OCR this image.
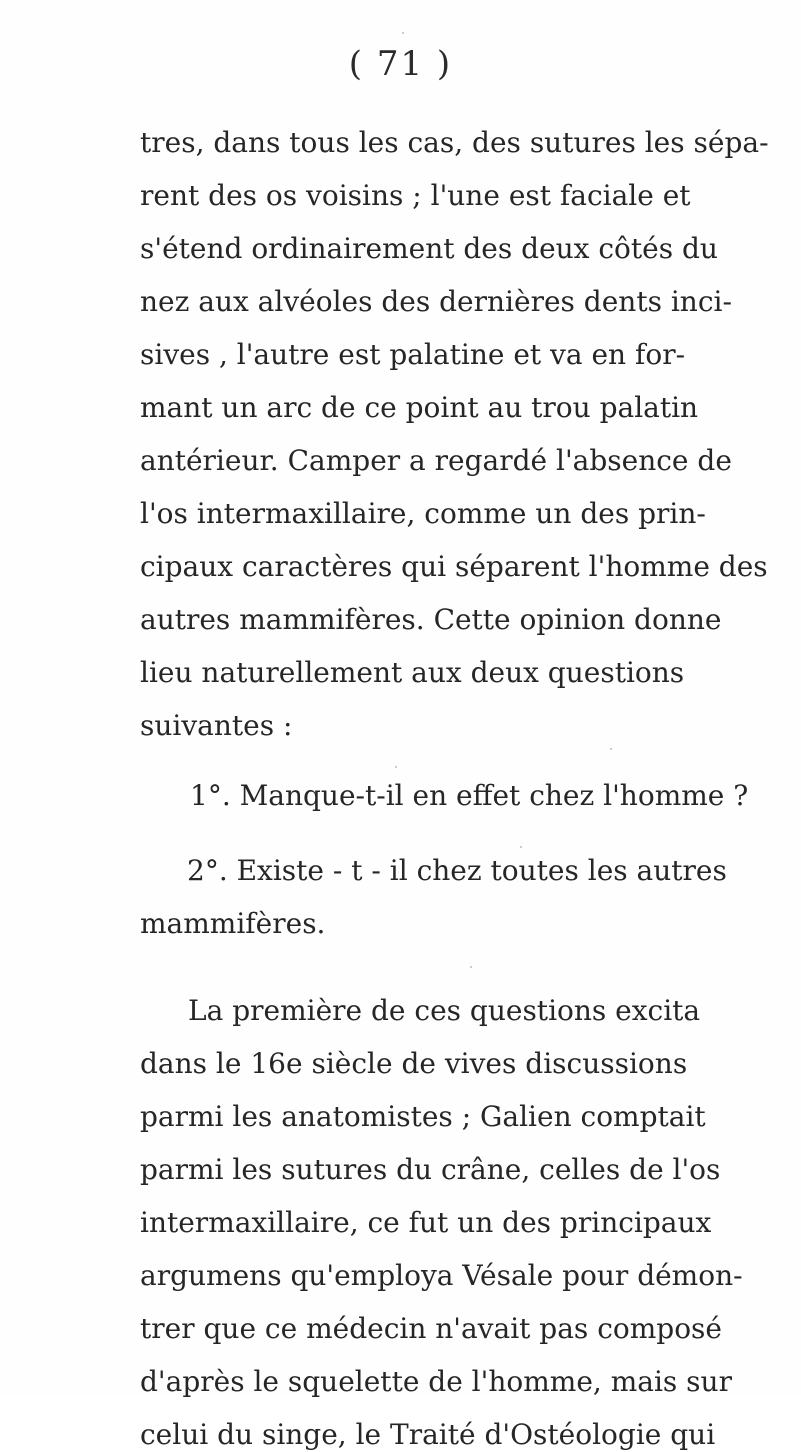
( 71 )
tres, dans tous les cas, des sutures les sépa-
rent des os voisins ; l'une est faciale et
s'étend ordinairement des deux côtés du
nez aux alvéoles des dernières dents inci-
sives , l'autre est palatine et va en for-
mant un arc de ce point au trou palatin
antérieur. Camper a regardé l'absence de
l'os intermaxillaire, comme un des prin-
cipaux caractères qui séparent l'homme des
autres mammifères. Cette opinion donne
lieu naturellement aux deux questions
suivantes :
1°. Manque-t-il en effet chez l'homme ?
2°. Existe - t - il chez toutes les autres
mammifères.
La première de ces questions excita
dans le 16e siècle de vives discussions
parmi les anatomistes ; Galien comptait
parmi les sutures du crâne, celles de l'os
intermaxillaire, ce fut un des principaux
argumens qu'employa Vésale pour démon-
trer que ce médecin n'avait pas composé
d'après le squelette de l'homme, mais sur
celui du singe, le Traité d'Ostéologie qui
